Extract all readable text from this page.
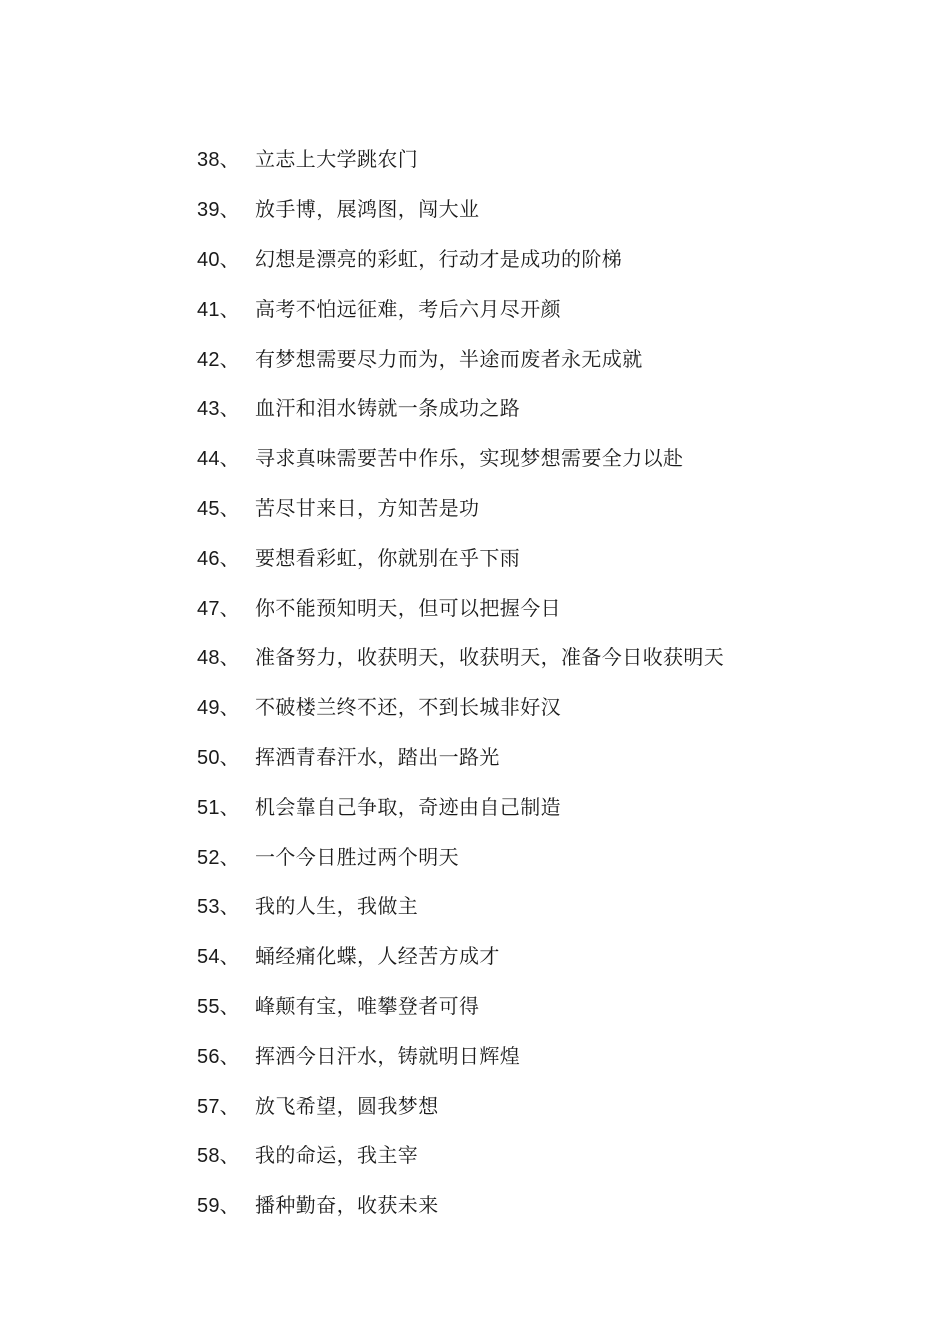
38、 立志上大学跳农门
39、 放手博，展鸿图，闯大业
40、 幻想是漂亮的彩虹，行动才是成功的阶梯
41、 高考不怕远征难，考后六月尽开颜
42、 有梦想需要尽力而为，半途而废者永无成就
43、 血汗和泪水铸就一条成功之路
44、 寻求真味需要苦中作乐，实现梦想需要全力以赴
45、 苦尽甘来日，方知苦是功
46、 要想看彩虹，你就别在乎下雨
47、 你不能预知明天，但可以把握今日
48、 准备努力，收获明天，收获明天，准备今日收获明天
49、 不破楼兰终不还，不到长城非好汉
50、 挥洒青春汗水，踏出一路光
51、 机会靠自己争取，奇迹由自己制造
52、 一个今日胜过两个明天
53、 我的人生，我做主
54、 蛹经痛化蝶，人经苦方成才
55、 峰颠有宝，唯攀登者可得
56、 挥洒今日汗水，铸就明日辉煌
57、 放飞希望，圆我梦想
58、 我的命运，我主宰
59、 播种勤奋，收获未来
